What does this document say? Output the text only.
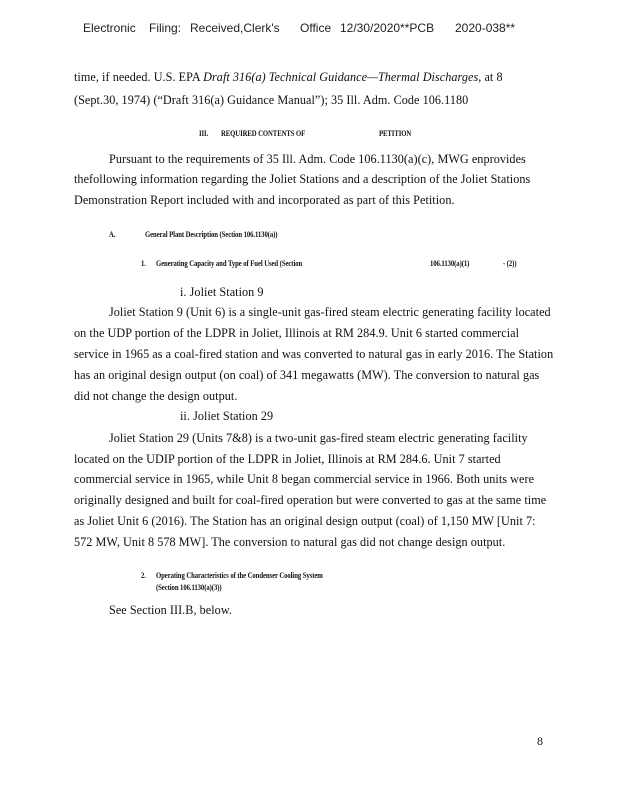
Electronic Filing: Received,Clerk's Office 12/30/2020**PCB 2020-038**
time, if needed. U.S. EPA Draft 316(a) Technical Guidance—Thermal Discharges, at 8
(Sept.30, 1974) (“Draft 316(a) Guidance Manual”); 35 Ill. Adm. Code 106.1180
III. REQUIRED CONTENTS OF	PETITION
Pursuant to the requirements of 35 Ill. Adm. Code 106.1130(a)(c), MWG enprovides
thefollowing information regarding the Joliet Stations and a description of the Joliet Stations
Demonstration Report included with and incorporated as part of this Petition.
A.	General Plant Description (Section 106.1130(a))
1. Generating Capacity and Type of Fuel Used (Section	106.1130(a)(1)	- (2))
i. Joliet Station 9
Joliet Station 9 (Unit 6) is a single-unit gas-fired steam electric generating facility located
on the UDP portion of the LDPR in Joliet, Illinois at RM 284.9. Unit 6 started commercial
service in 1965 as a coal-fired station and was converted to natural gas in early 2016. The Station
has an original design output (on coal) of 341 megawatts (MW). The conversion to natural gas
did not change the design output.
ii. Joliet Station 29
Joliet Station 29 (Units 7&8) is a two-unit gas-fired steam electric generating facility
located on the UDIP portion of the LDPR in Joliet, Illinois at RM 284.6. Unit 7 started
commercial service in 1965, while Unit 8 began commercial service in 1966. Both units were
originally designed and built for coal-fired operation but were converted to gas at the same time
as Joliet Unit 6 (2016). The Station has an original design output (coal) of 1,150 MW [Unit 7:
572 MW, Unit 8 578 MW]. The conversion to natural gas did not change design output.
2. Operating Characteristics of the Condenser Cooling System
(Section 106.1130(a)(3))
See Section III.B, below.
8
